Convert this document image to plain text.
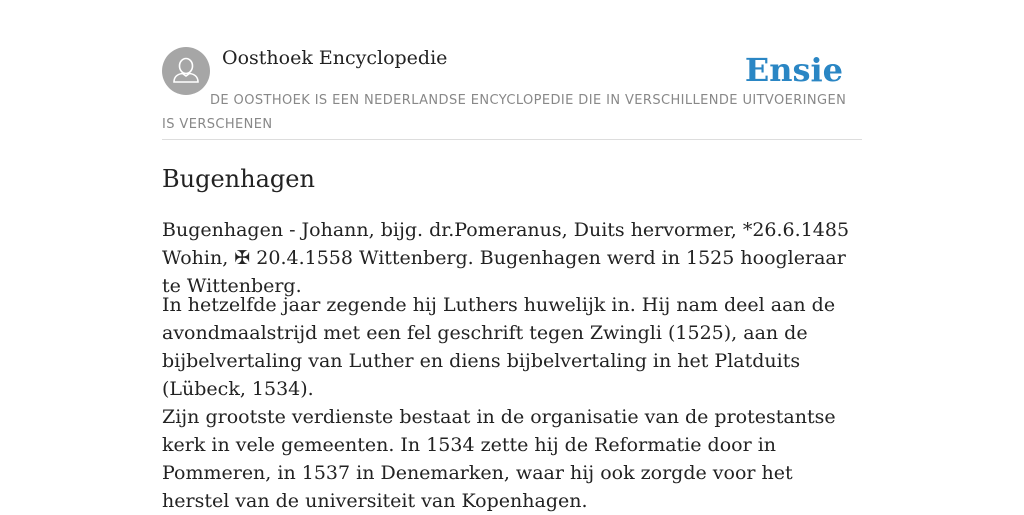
Oosthoek Encyclopedie	Ensie
DE OOSTHOEK IS EEN NEDERLANDSE ENCYCLOPEDIE DIE IN VERSCHILLENDE UITVOERINGEN IS VERSCHENEN
Bugenhagen

Bugenhagen - Johann, bijg. dr.Pomeranus, Duits hervormer, *26.6.1485 Wohin, ✠ 20.4.1558 Wittenberg. Bugenhagen werd in 1525 hoogleraar te Wittenberg.

In hetzelfde jaar zegende hij Luthers huwelijk in. Hij nam deel aan de avondmaalstrijd met een fel geschrift tegen Zwingli (1525), aan de bijbelvertaling van Luther en diens bijbelvertaling in het Platduits (Lübeck, 1534).

Zijn grootste verdienste bestaat in de organisatie van de protestantse kerk in vele gemeenten. In 1534 zette hij de Reformatie door in Pommeren, in 1537 in Denemarken, waar hij ook zorgde voor het herstel van de universiteit van Kopenhagen.
